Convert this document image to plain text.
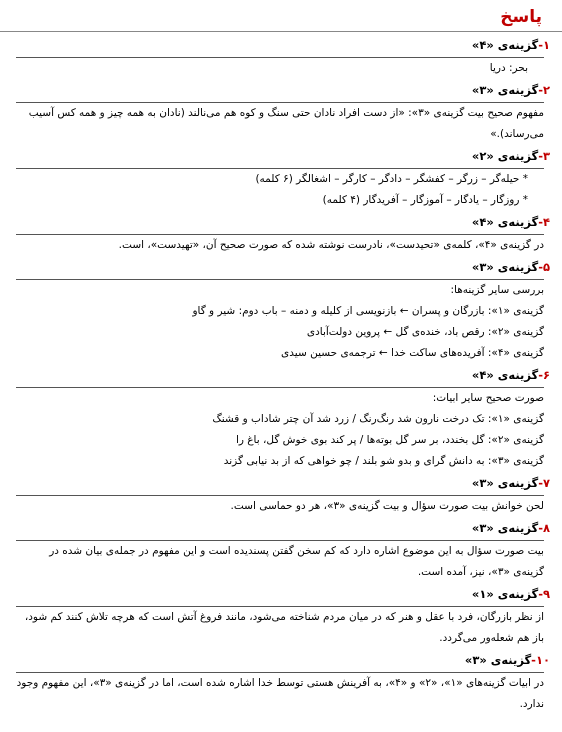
پاسخ
۱-گزینه‌ی «۴»
بحر: دریا
۲-گزینه‌ی «۳»
مفهوم صحیح بیت گزینه‌ی «۳»: «از دست افراد نادان حتی سنگ و کوه هم می‌نالند (نادان به همه چیز و همه کس آسیب
می‌رساند).»
۳-گزینه‌ی «۲»
* حیله‌گر – زرگر – کفشگر – دادگر – کارگر – اشغالگر (۶ کلمه)
* روزگار – یادگار – آموزگار – آفریدگار (۴ کلمه)
۴-گزینه‌ی «۴»
در گزینه‌ی «۴»، کلمه‌ی «تحیدست»، نادرست نوشته شده که صورت صحیح آن، «تهیدست»، است.
۵-گزینه‌ی «۳»
بررسی سایر گزینه‌ها:
گزینه‌ی «۱»: بازرگان و پسران ← بازنویسی از کلیله و دمنه – باب دوم: شیر و گاو
گزینه‌ی «۲»: رقص باد، خنده‌ی گل ← پروین دولت‌آبادی
گزینه‌ی «۴»: آفریده‌های ساکت خدا ← ترجمه‌ی حسین سیدی
۶-گزینه‌ی «۴»
صورت صحیح سایر ابیات:
گزینه‌ی «۱»: تک درخت نارون شد رنگ‌رنگ / زرد شد آن چتر شاداب و قشنگ
گزینه‌ی «۲»: گل بخندد، بر سر گل بوته‌ها / پر کند بوی خوش گل، باغ را
گزینه‌ی «۳»: به دانش گرای و بدو شو بلند / چو خواهی که از بد نیابی گزند
۷-گزینه‌ی «۳»
لحن خوانش بیت صورت سؤال و بیت گزینه‌ی «۳»، هر دو حماسی است.
۸-گزینه‌ی «۳»
بیت صورت سؤال به این موضوع اشاره دارد که کم سخن گفتن پسندیده است و این مفهوم در جمله‌ی بیان شده در
گزینه‌ی «۳»، نیز، آمده است.
۹-گزینه‌ی «۱»
از نظر بازرگان، فرد با عقل و هنر که در میان مردم شناخته می‌شود، مانند فروغ آتش است که هرچه تلاش کنند کم شود،
باز هم شعله‌ور می‌گردد.
۱۰-گزینه‌ی «۳»
در ابیات گزینه‌های «۱»، «۲» و «۴»، به آفرینش هستی توسط خدا اشاره شده است، اما در گزینه‌ی «۳»، این مفهوم وجود
ندارد.
